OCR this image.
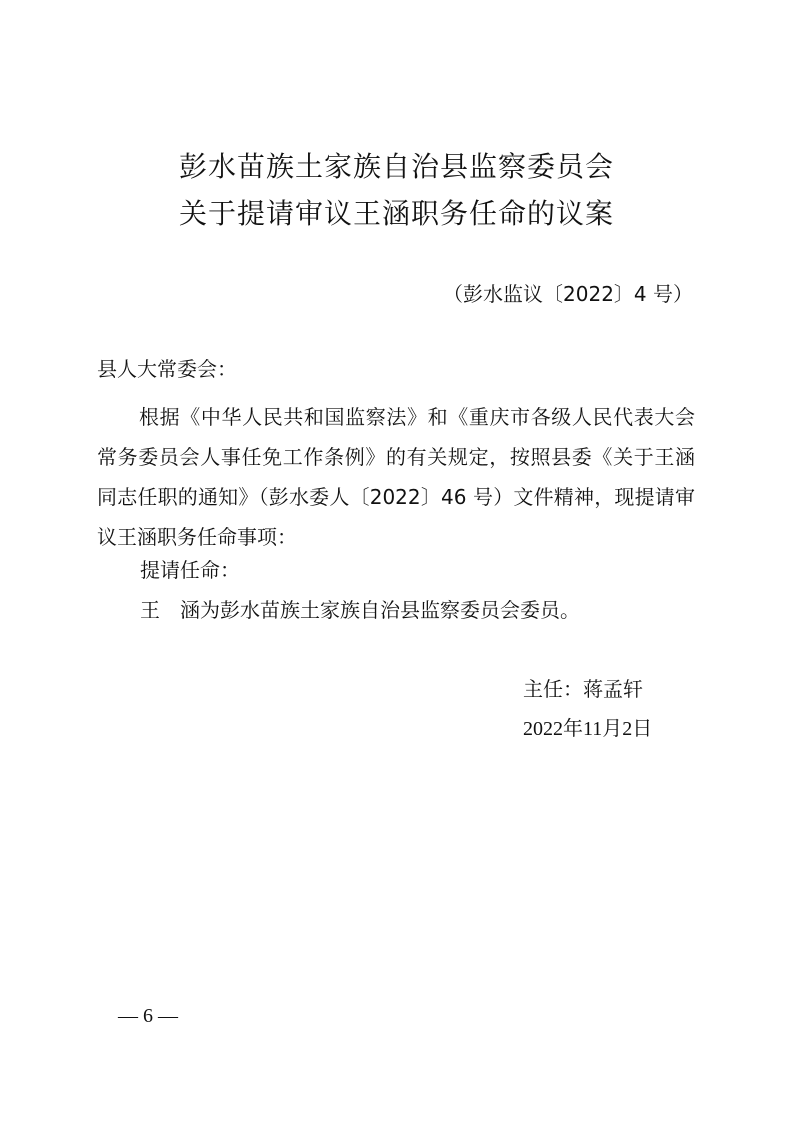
彭水苗族土家族自治县监察委员会
关于提请审议王涵职务任命的议案
（彭水监议〔2022〕4 号）
县人大常委会：
根据《中华人民共和国监察法》和《重庆市各级人民代表大会常务委员会人事任免工作条例》的有关规定，按照县委《关于王涵同志任职的通知》（彭水委人〔2022〕46 号）文件精神，现提请审议王涵职务任命事项：
提请任命：
王　涵为彭水苗族土家族自治县监察委员会委员。
主任：蒋孟轩
2022年11月2日
— 6 —
